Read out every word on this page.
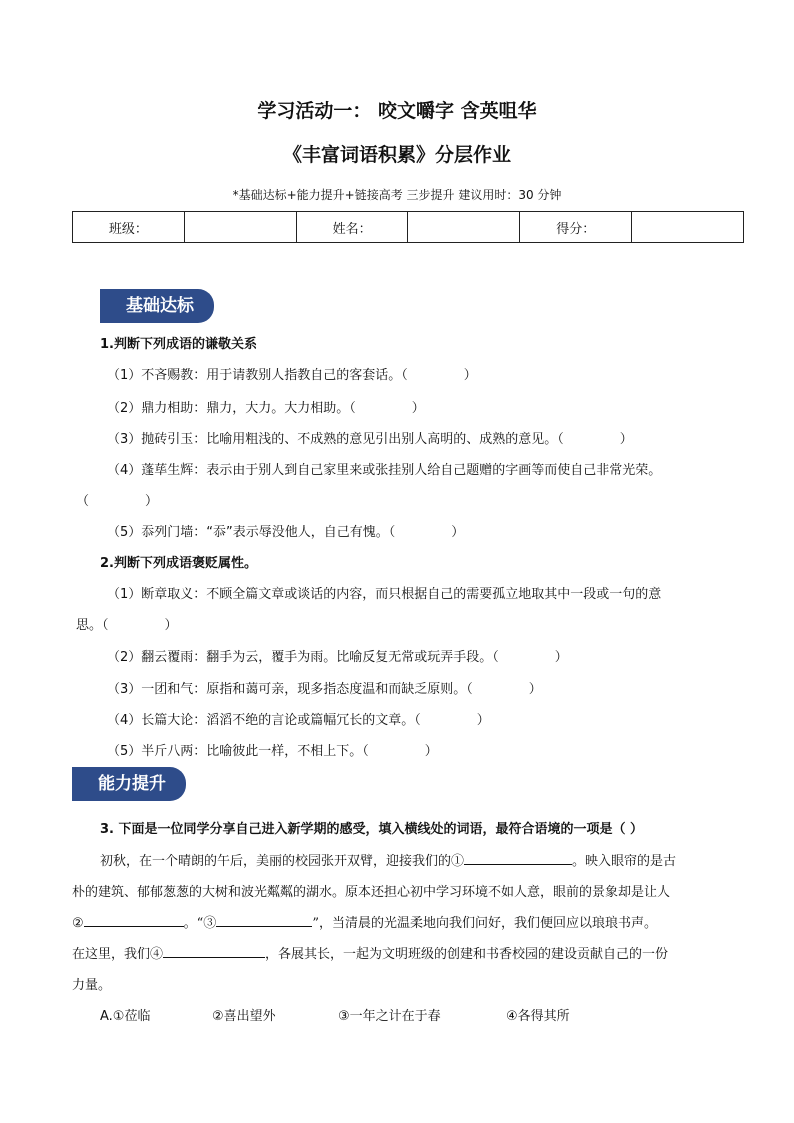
学习活动一： 咬文嚼字 含英咀华
《丰富词语积累》分层作业
*基础达标+能力提升+链接高考 三步提升 建议用时：30 分钟
班级：		姓名：		得分：	
基础达标
1.判断下列成语的谦敬关系
（1）不吝赐教：用于请教别人指教自己的客套话。（	）
（2）鼎力相助：鼎力，大力。大力相助。（	）
（3）抛砖引玉：比喻用粗浅的、不成熟的意见引出别人高明的、成熟的意见。（	）
（4）蓬荜生辉：表示由于别人到自己家里来或张挂别人给自己题赠的字画等而使自己非常光荣。
（	）
（5）忝列门墙：“忝”表示辱没他人，自己有愧。（	）
2.判断下列成语褒贬属性。
（1）断章取义：不顾全篇文章或谈话的内容，而只根据自己的需要孤立地取其中一段或一句的意
思。（	）
（2）翻云覆雨：翻手为云，覆手为雨。比喻反复无常或玩弄手段。（	）
（3）一团和气：原指和蔼可亲，现多指态度温和而缺乏原则。（	）
（4）长篇大论：滔滔不绝的言论或篇幅冗长的文章。（	）
（5）半斤八两：比喻彼此一样，不相上下。（	）
能力提升
3. 下面是一位同学分享自己进入新学期的感受，填入横线处的词语，最符合语境的一项是（ ）
初秋，在一个晴朗的午后，美丽的校园张开双臂，迎接我们的①	。映入眼帘的是古
朴的建筑、郁郁葱葱的大树和波光粼粼的湖水。原本还担心初中学习环境不如人意，眼前的景象却是让人
②	。“③	”，当清晨的光温柔地向我们问好，我们便回应以琅琅书声。
在这里，我们④	，各展其长，一起为文明班级的创建和书香校园的建设贡献自己的一份
力量。
A.①莅临	②喜出望外	③一年之计在于春	④各得其所
